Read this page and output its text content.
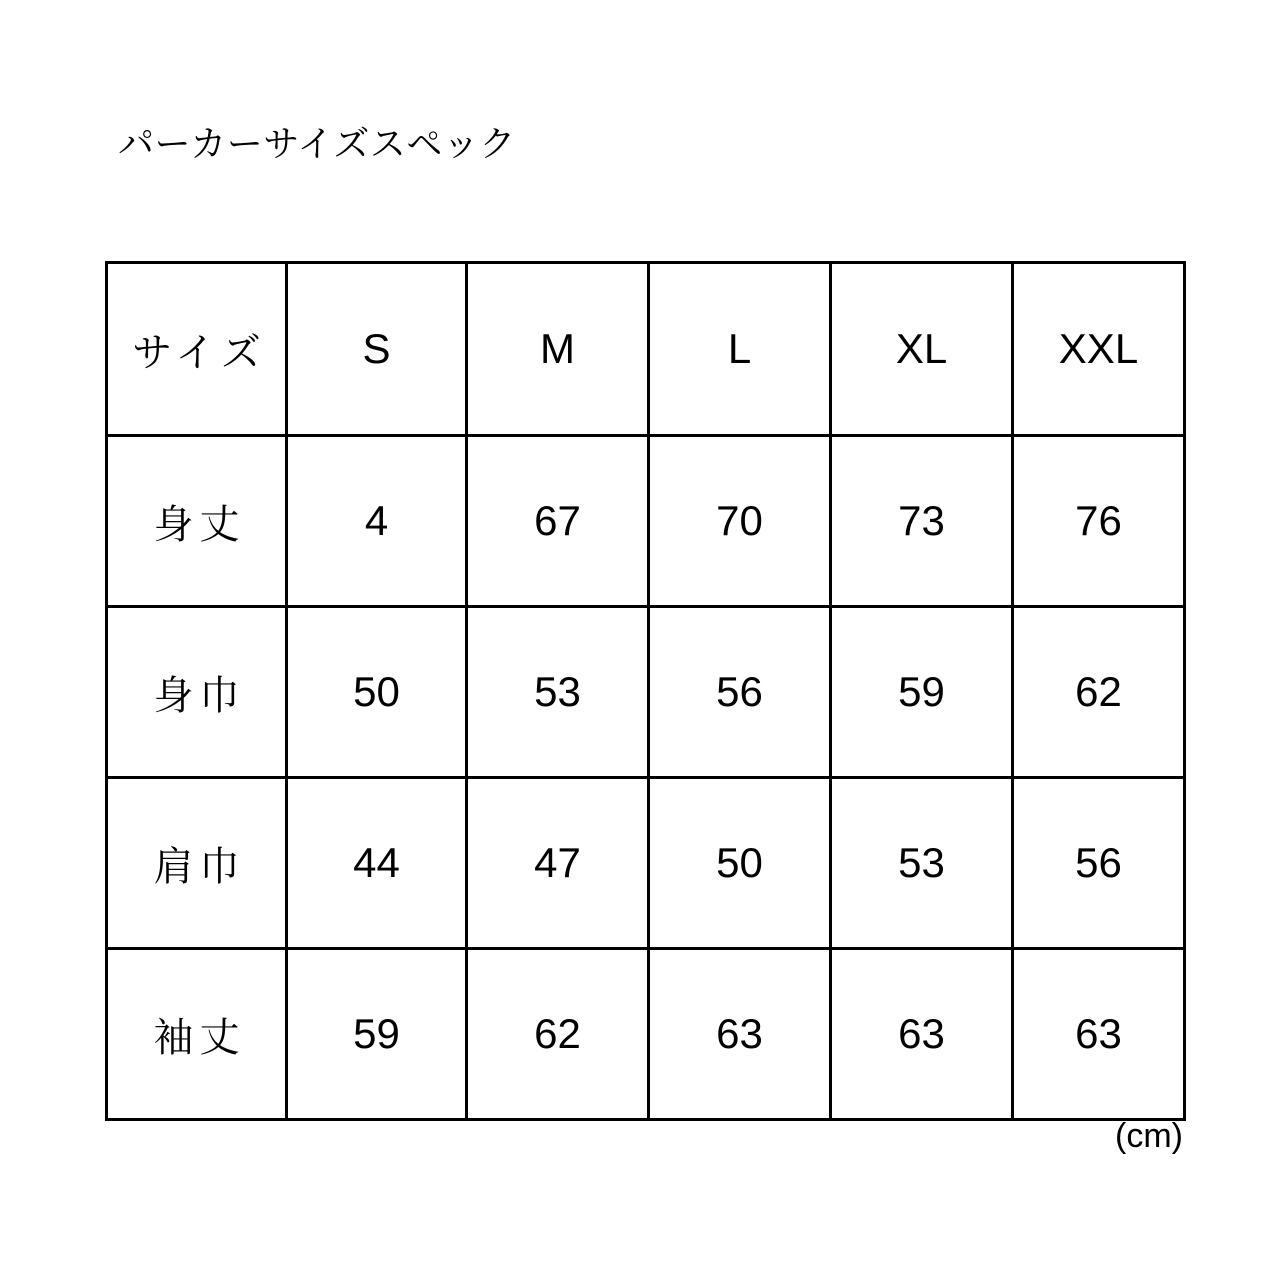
パーカーサイズスペック
サイズ	S	M	L	XL	XXL
身丈	4	67	70	73	76
身巾	50	53	56	59	62
肩巾	44	47	50	53	56
袖丈	59	62	63	63	63
(cm)
